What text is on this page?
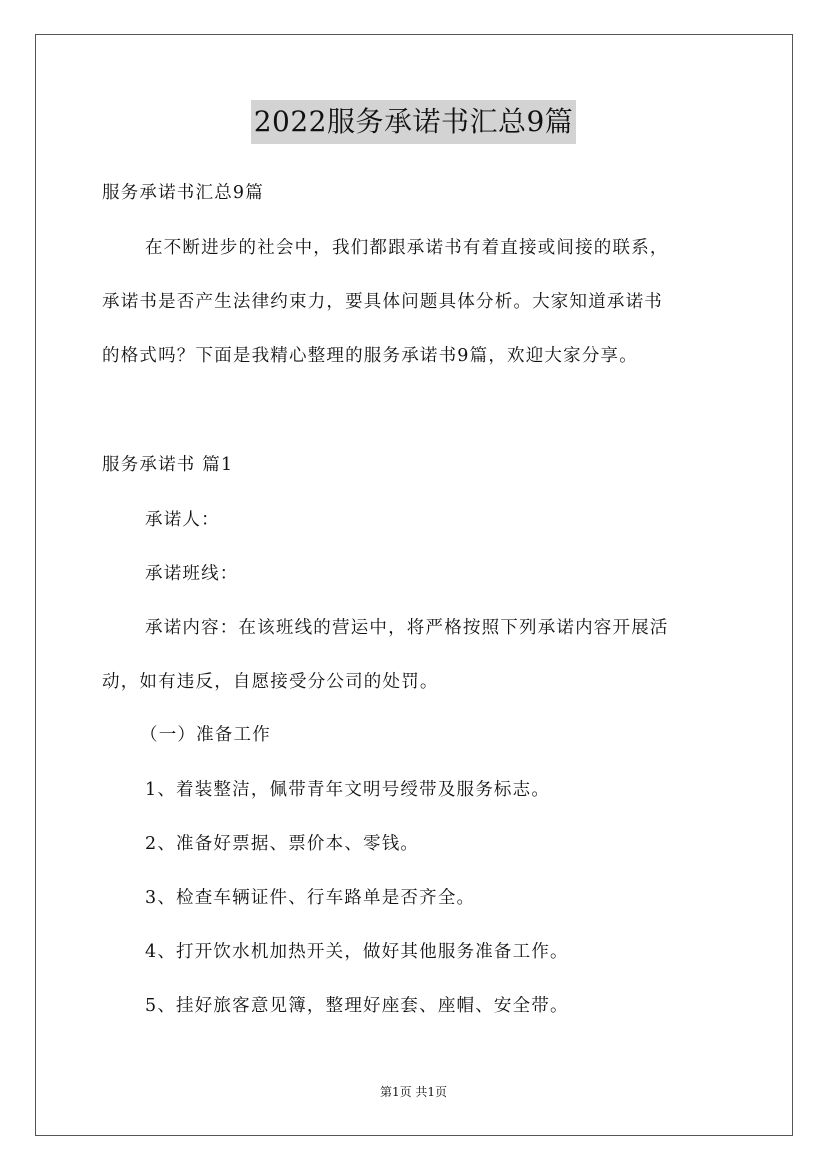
2022服务承诺书汇总9篇
服务承诺书汇总9篇
在不断进步的社会中，我们都跟承诺书有着直接或间接的联系，
承诺书是否产生法律约束力，要具体问题具体分析。大家知道承诺书
的格式吗？下面是我精心整理的服务承诺书9篇，欢迎大家分享。
服务承诺书 篇1
承诺人：
承诺班线：
承诺内容：在该班线的营运中，将严格按照下列承诺内容开展活
动，如有违反，自愿接受分公司的处罚。
（一）准备工作
1、着装整洁，佩带青年文明号绶带及服务标志。
2、准备好票据、票价本、零钱。
3、检查车辆证件、行车路单是否齐全。
4、打开饮水机加热开关，做好其他服务准备工作。
5、挂好旅客意见簿，整理好座套、座帽、安全带。
第1页 共1页
